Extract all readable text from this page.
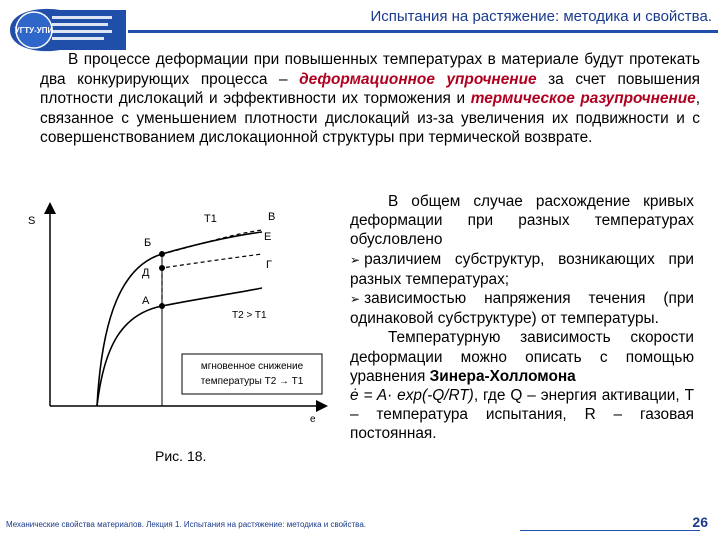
УГТУ-УПИ
Испытания на растяжение: методика и свойства.
В процессе деформации при повышенных температурах в материале будут протекать два конкурирующих процесса – деформационное упрочнение за счет повышения плотности дислокаций и эффективности их торможения и термическое разупрочнение, связанное с уменьшением плотности дислокаций из-за увеличения их подвижности и с совершенствованием дислокационной структуры при термической возврате.
S
e
Б
Д
А
T1	В
Е
Г
T2 > T1
мгновенное снижение
температуры T2 → T1
Рис. 18.

В общем случае расхождение кривых деформации при разных температурах обусловлено

➢ различием субструктур, возникающих при разных температурах;

➢ зависимостью напряжения течения (при одинаковой субструктуре) от температуры.

Температурную зависимость скорости деформации можно описать с помощью уравнения Зинера-Холломона
ė = A· exp(-Q/RT), где Q – энергия активации, T – температура испытания, R – газовая постоянная.

Механические свойства материалов. Лекция 1. Испытания на растяжение: методика и свойства.	26
